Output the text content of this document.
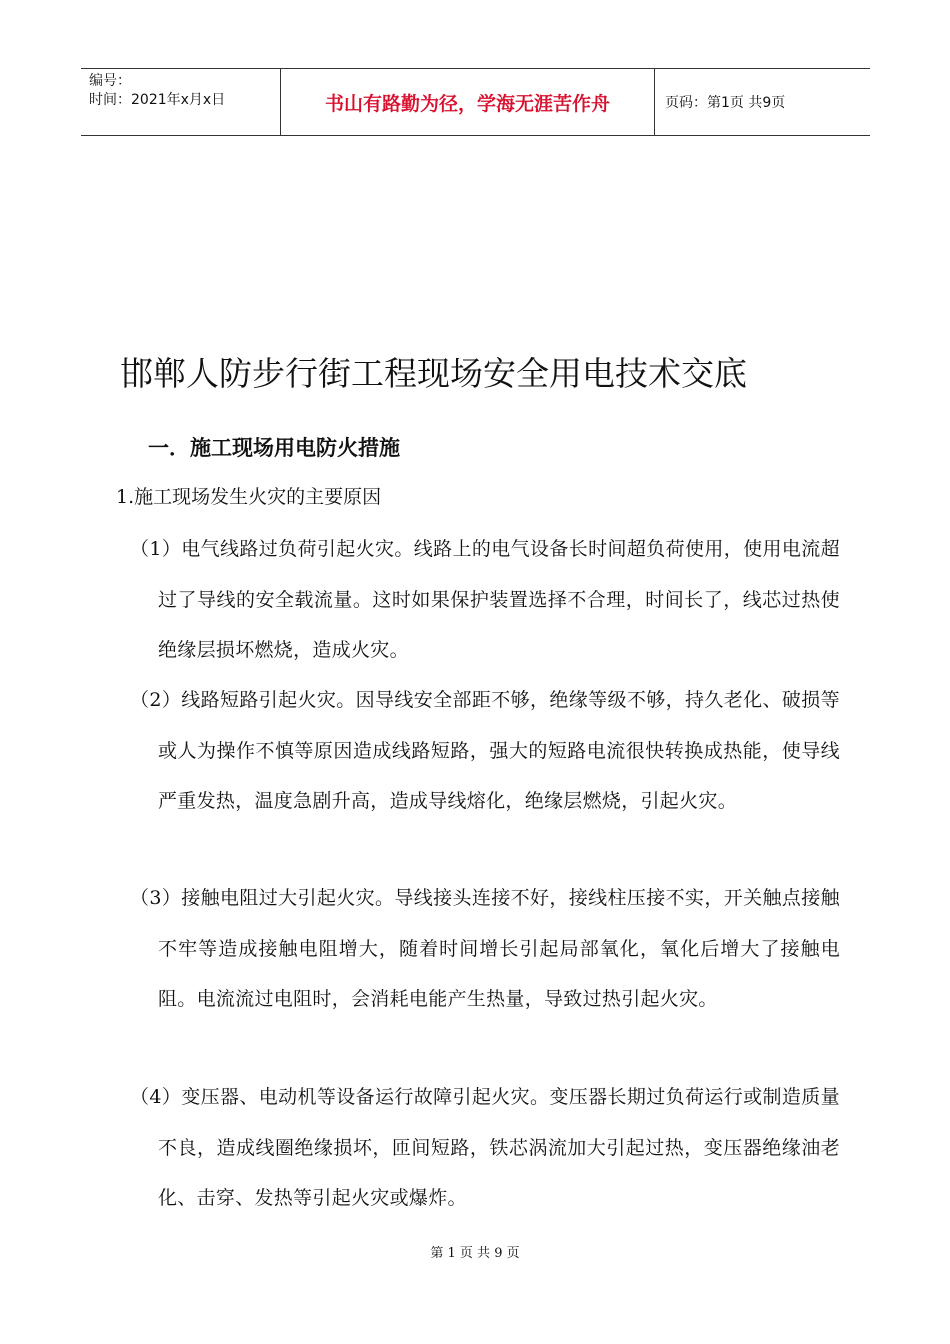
编号：
时间：2021年x月x日	书山有路勤为径，学海无涯苦作舟	页码：第1页 共9页
邯郸人防步行街工程现场安全用电技术交底
一．施工现场用电防火措施
1.施工现场发生火灾的主要原因
（1）电气线路过负荷引起火灾。线路上的电气设备长时间超负荷使用，使用电流超过了导线的安全载流量。这时如果保护装置选择不合理，时间长了，线芯过热使绝缘层损坏燃烧，造成火灾。
（2）线路短路引起火灾。因导线安全部距不够，绝缘等级不够，持久老化、破损等或人为操作不慎等原因造成线路短路，强大的短路电流很快转换成热能，使导线严重发热，温度急剧升高，造成导线熔化，绝缘层燃烧，引起火灾。
（3）接触电阻过大引起火灾。导线接头连接不好，接线柱压接不实，开关触点接触不牢等造成接触电阻增大，随着时间增长引起局部氧化，氧化后增大了接触电阻。电流流过电阻时，会消耗电能产生热量，导致过热引起火灾。
（4）变压器、电动机等设备运行故障引起火灾。变压器长期过负荷运行或制造质量不良，造成线圈绝缘损坏，匝间短路，铁芯涡流加大引起过热，变压器绝缘油老化、击穿、发热等引起火灾或爆炸。
第 1 页 共 9 页
